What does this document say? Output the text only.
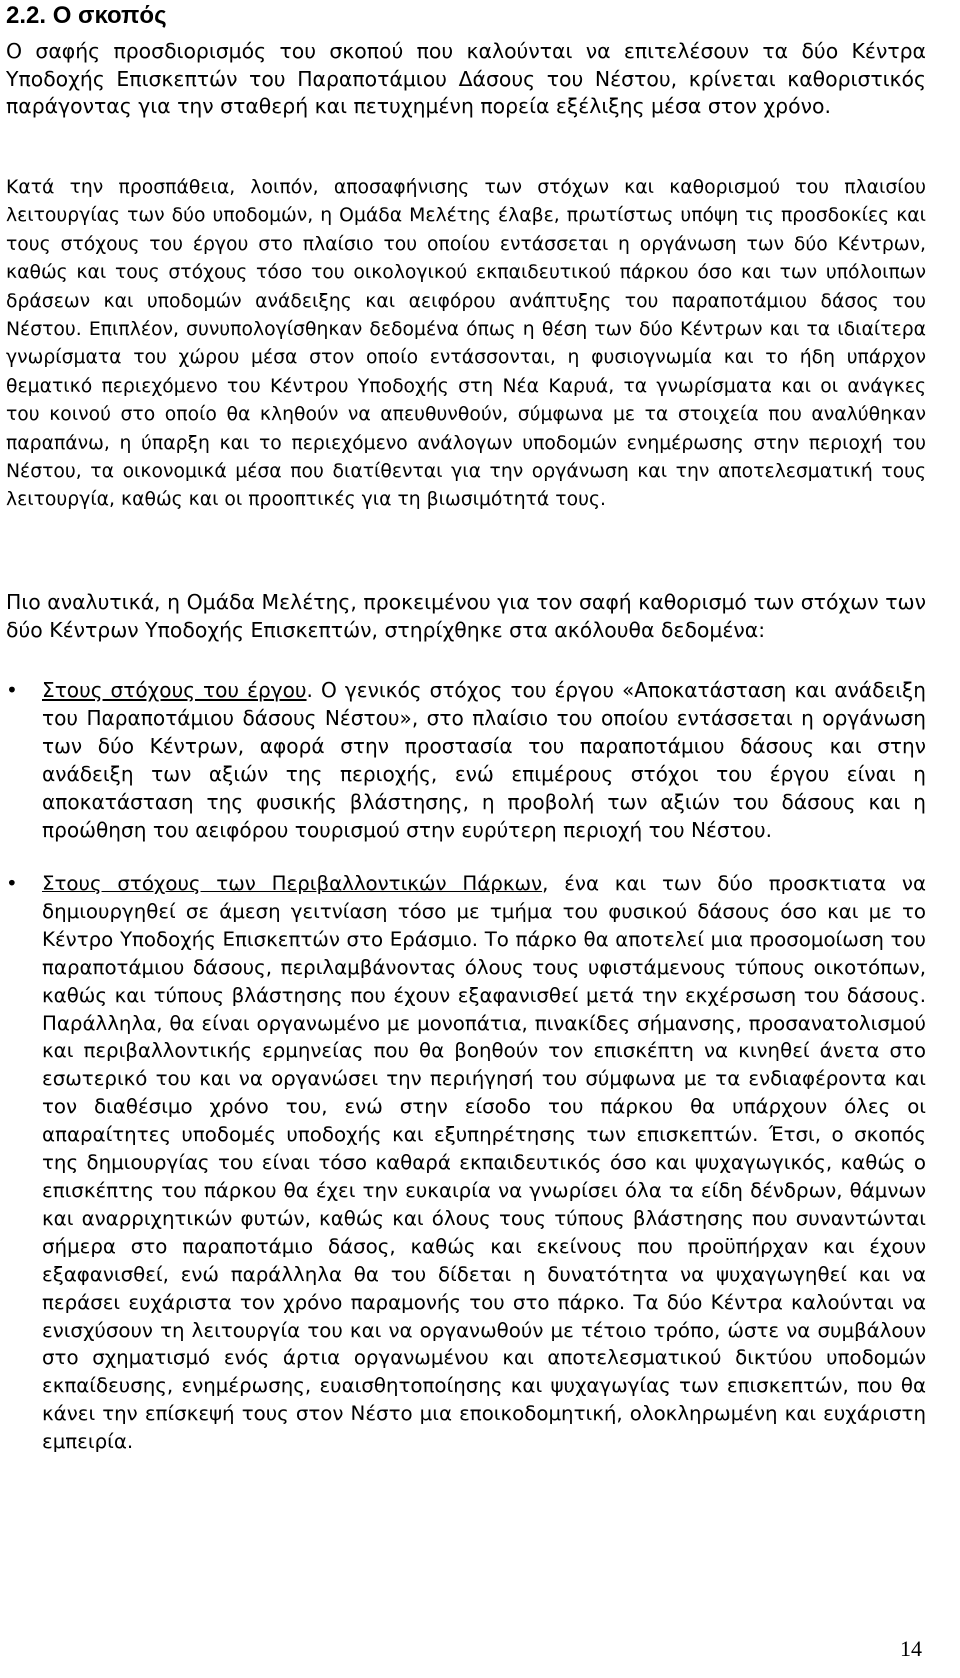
2.2. Ο σκοπός

Ο σαφής προσδιορισμός του σκοπού που καλούνται να επιτελέσουν τα δύο Κέντρα Υποδοχής Επισκεπτών του Παραποτάμιου Δάσους του Νέστου, κρίνεται καθοριστικός παράγοντας για την σταθερή και πετυχημένη πορεία εξέλιξης μέσα στον χρόνο.

Κατά την προσπάθεια, λοιπόν, αποσαφήνισης των στόχων και καθορισμού του πλαισίου λειτουργίας των δύο υποδομών, η Ομάδα Μελέτης έλαβε, πρωτίστως υπόψη τις προσδοκίες και τους στόχους του έργου στο πλαίσιο του οποίου εντάσσεται η οργάνωση των δύο Κέντρων, καθώς και τους στόχους τόσο του οικολογικού εκπαιδευτικού πάρκου όσο και των υπόλοιπων δράσεων και υποδομών ανάδειξης και αειφόρου ανάπτυξης του παραποτάμιου δάσος του Νέστου. Επιπλέον, συνυπολογίσθηκαν δεδομένα όπως η θέση των δύο Κέντρων και τα ιδιαίτερα γνωρίσματα του χώρου μέσα στον οποίο εντάσσονται, η φυσιογνωμία και το ήδη υπάρχον θεματικό περιεχόμενο του Κέντρου Υποδοχής στη Νέα Καρυά, τα γνωρίσματα και οι ανάγκες του κοινού στο οποίο θα κληθούν να απευθυνθούν, σύμφωνα με τα στοιχεία που αναλύθηκαν παραπάνω, η ύπαρξη και το περιεχόμενο ανάλογων υποδομών ενημέρωσης στην περιοχή του Νέστου, τα οικονομικά μέσα που διατίθενται για την οργάνωση και την αποτελεσματική τους λειτουργία, καθώς και οι προοπτικές για τη βιωσιμότητά τους.

Πιο αναλυτικά, η Ομάδα Μελέτης, προκειμένου για τον σαφή καθορισμό των στόχων των δύο Κέντρων Υποδοχής Επισκεπτών, στηρίχθηκε στα ακόλουθα δεδομένα:

• Στους στόχους του έργου. Ο γενικός στόχος του έργου «Αποκατάσταση και ανάδειξη του Παραποτάμιου δάσους Νέστου», στο πλαίσιο του οποίου εντάσσεται η οργάνωση των δύο Κέντρων, αφορά στην προστασία του παραποτάμιου δάσους και στην ανάδειξη των αξιών της περιοχής, ενώ επιμέρους στόχοι του έργου είναι η αποκατάσταση της φυσικής βλάστησης, η προβολή των αξιών του δάσους και η προώθηση του αειφόρου τουρισμού στην ευρύτερη περιοχή του Νέστου.

• Στους στόχους των Περιβαλλοντικών Πάρκων, ένα και των δύο προσκτιατα να δημιουργηθεί σε άμεση γειτνίαση τόσο με τμήμα του φυσικού δάσους όσο και με το Κέντρο Υποδοχής Επισκεπτών στο Εράσμιο. Το πάρκο θα αποτελεί μια προσομοίωση του παραποτάμιου δάσους, περιλαμβάνοντας όλους τους υφιστάμενους τύπους οικοτόπων, καθώς και τύπους βλάστησης που έχουν εξαφανισθεί μετά την εκχέρσωση του δάσους. Παράλληλα, θα είναι οργανωμένο με μονοπάτια, πινακίδες σήμανσης, προσανατολισμού και περιβαλλοντικής ερμηνείας που θα βοηθούν τον επισκέπτη να κινηθεί άνετα στο εσωτερικό του και να οργανώσει την περιήγησή του σύμφωνα με τα ενδιαφέροντα και τον διαθέσιμο χρόνο του, ενώ στην είσοδο του πάρκου θα υπάρχουν όλες οι απαραίτητες υποδομές υποδοχής και εξυπηρέτησης των επισκεπτών. Έτσι, ο σκοπός της δημιουργίας του είναι τόσο καθαρά εκπαιδευτικός όσο και ψυχαγωγικός, καθώς ο επισκέπτης του πάρκου θα έχει την ευκαιρία να γνωρίσει όλα τα είδη δένδρων, θάμνων και αναρριχητικών φυτών, καθώς και όλους τους τύπους βλάστησης που συναντώνται σήμερα στο παραποτάμιο δάσος, καθώς και εκείνους που προϋπήρχαν και έχουν εξαφανισθεί, ενώ παράλληλα θα του δίδεται η δυνατότητα να ψυχαγωγηθεί και να περάσει ευχάριστα τον χρόνο παραμονής του στο πάρκο. Τα δύο Κέντρα καλούνται να ενισχύσουν τη λειτουργία του και να οργανωθούν με τέτοιο τρόπο, ώστε να συμβάλουν στο σχηματισμό ενός άρτια οργανωμένου και αποτελεσματικού δικτύου υποδομών εκπαίδευσης, ενημέρωσης, ευαισθητοποίησης και ψυχαγωγίας των επισκεπτών, που θα κάνει την επίσκεψή τους στον Νέστο μια εποικοδομητική, ολοκληρωμένη και ευχάριστη εμπειρία.

14
